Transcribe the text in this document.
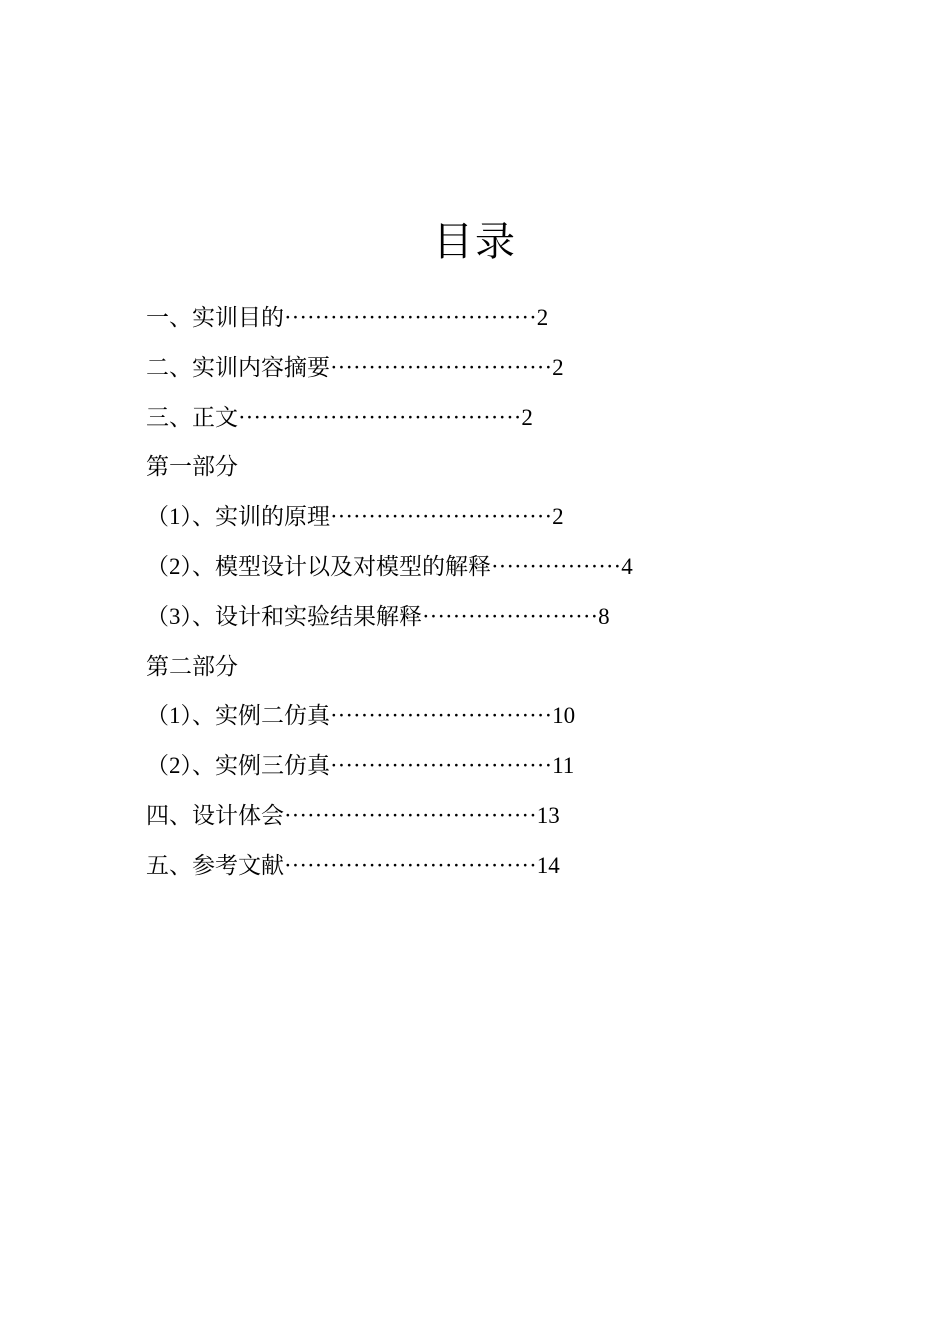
目录
一、实训目的·································2
二、实训内容摘要·····························2
三、正文·····································2
第一部分
（1）、实训的原理·····························2
（2）、模型设计以及对模型的解释·················4
（3）、设计和实验结果解释·······················8
第二部分
（1）、实例二仿真·····························10
（2）、实例三仿真·····························11
四、设计体会·································13
五、参考文献·································14
